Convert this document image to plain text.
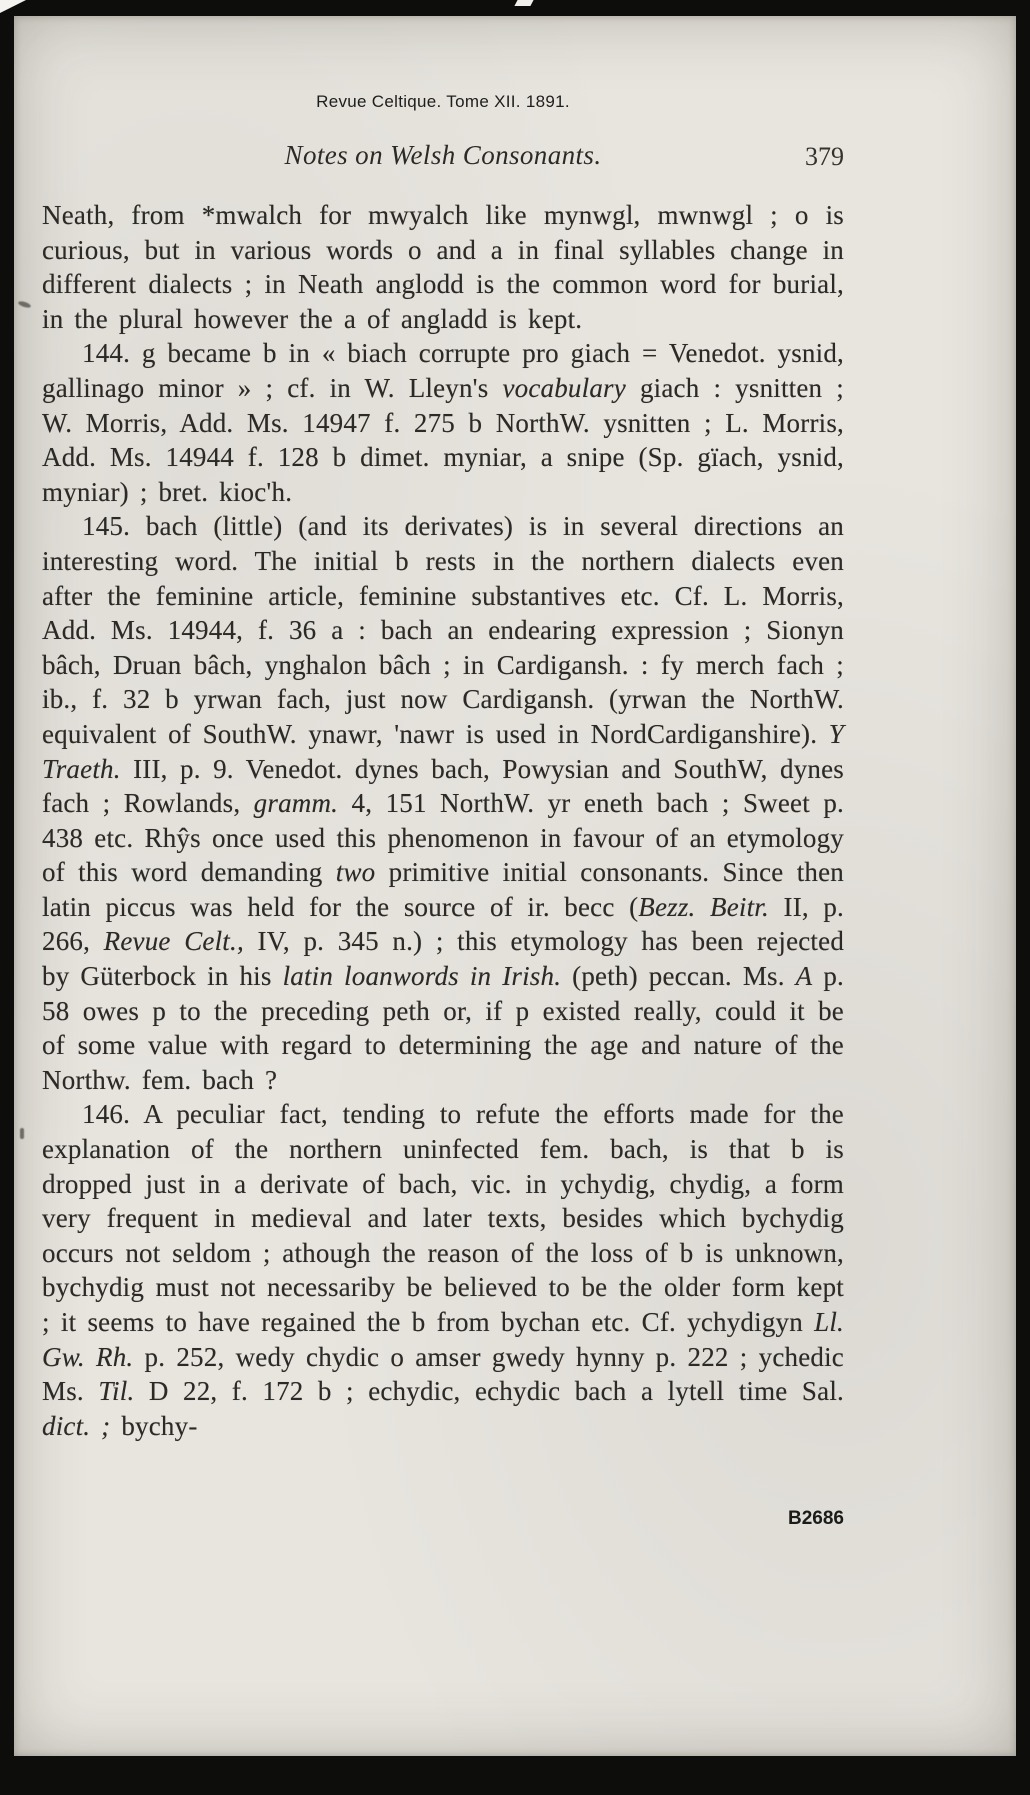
Revue Celtique. Tome XII. 1891.
Notes on Welsh Consonants.	379

Neath, from *mwalch for mwyalch like mynwgl, mwnwgl ; o is curious, but in various words o and a in final syllables change in different dialects ; in Neath anglodd is the common word for burial, in the plural however the a of angladd is kept.

144. g became b in « biach corrupte pro giach = Venedot. ysnid, gallinago minor » ; cf. in W. Lleyn's vocabulary giach : ysnitten ; W. Morris, Add. Ms. 14947 f. 275 b NorthW. ysnitten ; L. Morris, Add. Ms. 14944 f. 128 b dimet. myniar, a snipe (Sp. gïach, ysnid, myniar) ; bret. kioc'h.

145. bach (little) (and its derivates) is in several directions an interesting word. The initial b rests in the northern dialects even after the feminine article, feminine substantives etc. Cf. L. Morris, Add. Ms. 14944, f. 36 a : bach an endearing expression ; Sionyn bâch, Druan bâch, ynghalon bâch ; in Cardigansh. : fy merch fach ; ib., f. 32 b yrwan fach, just now Cardigansh. (yrwan the NorthW. equivalent of SouthW. ynawr, 'nawr is used in NordCardiganshire). Y Traeth. III, p. 9. Venedot. dynes bach, Powysian and SouthW, dynes fach ; Rowlands, gramm. 4, 151 NorthW. yr eneth bach ; Sweet p. 438 etc. Rhŷs once used this phenomenon in favour of an etymology of this word demanding two primitive initial consonants. Since then latin piccus was held for the source of ir. becc (Bezz. Beitr. II, p. 266, Revue Celt., IV, p. 345 n.) ; this etymology has been rejected by Güterbock in his latin loanwords in Irish. (peth) peccan. Ms. A p. 58 owes p to the preceding peth or, if p existed really, could it be of some value with regard to determining the age and nature of the Northw. fem. bach ?

146. A peculiar fact, tending to refute the efforts made for the explanation of the northern uninfected fem. bach, is that b is dropped just in a derivate of bach, vic. in ychydig, chydig, a form very frequent in medieval and later texts, besides which bychydig occurs not seldom ; athough the reason of the loss of b is unknown, bychydig must not necessariby be believed to be the older form kept ; it seems to have regained the b from bychan etc. Cf. ychydigyn Ll. Gw. Rh. p. 252, wedy chydic o amser gwedy hynny p. 222 ; ychedic Ms. Til. D 22, f. 172 b ; echydic, echydic bach a lytell time Sal. dict. ; bychy-

B2686
